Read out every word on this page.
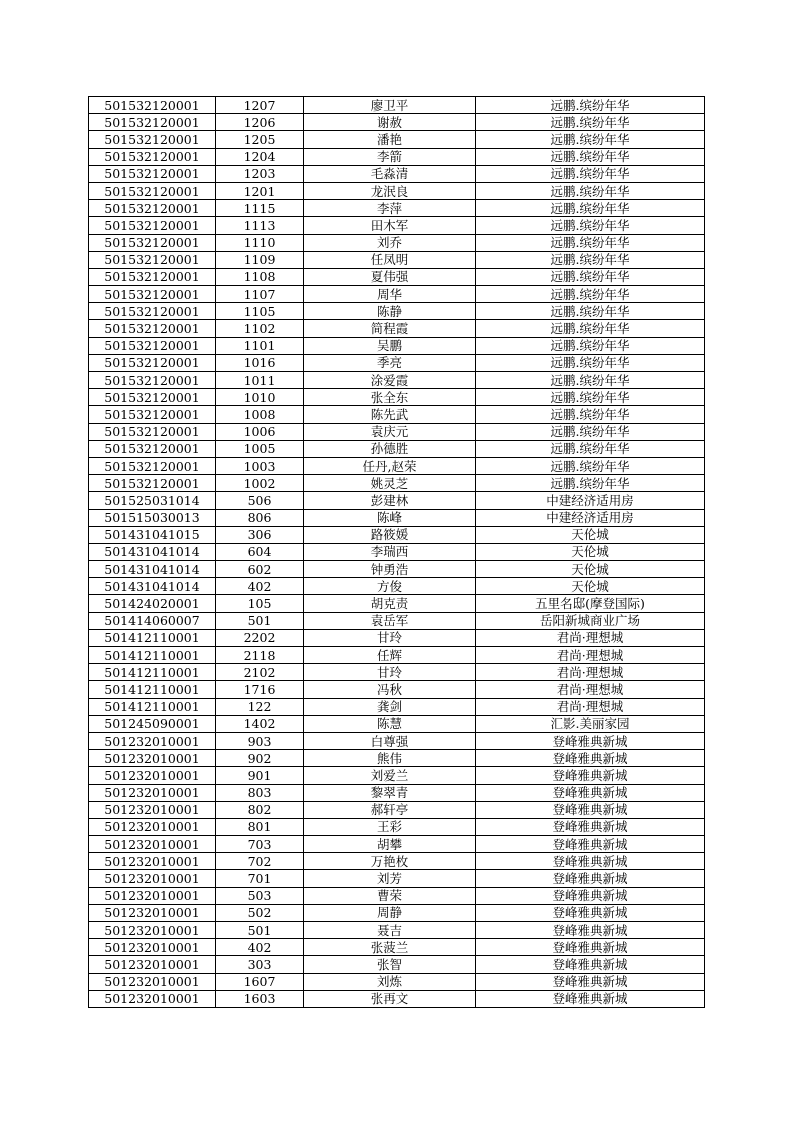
501532120001	1207	廖卫平	远鹏.缤纷年华
501532120001	1206	谢赦	远鹏.缤纷年华
501532120001	1205	潘艳	远鹏.缤纷年华
501532120001	1204	李箭	远鹏.缤纷年华
501532120001	1203	毛淼清	远鹏.缤纷年华
501532120001	1201	龙泯良	远鹏.缤纷年华
501532120001	1115	李萍	远鹏.缤纷年华
501532120001	1113	田木军	远鹏.缤纷年华
501532120001	1110	刘乔	远鹏.缤纷年华
501532120001	1109	任凤明	远鹏.缤纷年华
501532120001	1108	夏伟强	远鹏.缤纷年华
501532120001	1107	周华	远鹏.缤纷年华
501532120001	1105	陈静	远鹏.缤纷年华
501532120001	1102	简程霞	远鹏.缤纷年华
501532120001	1101	吴鹏	远鹏.缤纷年华
501532120001	1016	季亮	远鹏.缤纷年华
501532120001	1011	涂爱霞	远鹏.缤纷年华
501532120001	1010	张全东	远鹏.缤纷年华
501532120001	1008	陈先武	远鹏.缤纷年华
501532120001	1006	袁庆元	远鹏.缤纷年华
501532120001	1005	孙德胜	远鹏.缤纷年华
501532120001	1003	任丹,赵荣	远鹏.缤纷年华
501532120001	1002	姚灵芝	远鹏.缤纷年华
501525031014	506	彭建林	中建经济适用房
501515030013	806	陈峰	中建经济适用房
501431041015	306	路筱媛	天伦城
501431041014	604	李瑞西	天伦城
501431041014	602	钟勇浩	天伦城
501431041014	402	方俊	天伦城
501424020001	105	胡克责	五里名邸(摩登国际)
501414060007	501	袁岳军	岳阳新城商业广场
501412110001	2202	甘玲	君尚·理想城
501412110001	2118	任辉	君尚·理想城
501412110001	2102	甘玲	君尚·理想城
501412110001	1716	冯秋	君尚·理想城
501412110001	122	龚剑	君尚·理想城
501245090001	1402	陈慧	汇影.美丽家园
501232010001	903	白尊强	登峰雅典新城
501232010001	902	熊伟	登峰雅典新城
501232010001	901	刘爱兰	登峰雅典新城
501232010001	803	黎翠青	登峰雅典新城
501232010001	802	郝轩亭	登峰雅典新城
501232010001	801	王彩	登峰雅典新城
501232010001	703	胡攀	登峰雅典新城
501232010001	702	万艳枚	登峰雅典新城
501232010001	701	刘芳	登峰雅典新城
501232010001	503	曹荣	登峰雅典新城
501232010001	502	周静	登峰雅典新城
501232010001	501	聂吉	登峰雅典新城
501232010001	402	张菠兰	登峰雅典新城
501232010001	303	张智	登峰雅典新城
501232010001	1607	刘炼	登峰雅典新城
501232010001	1603	张再文	登峰雅典新城
